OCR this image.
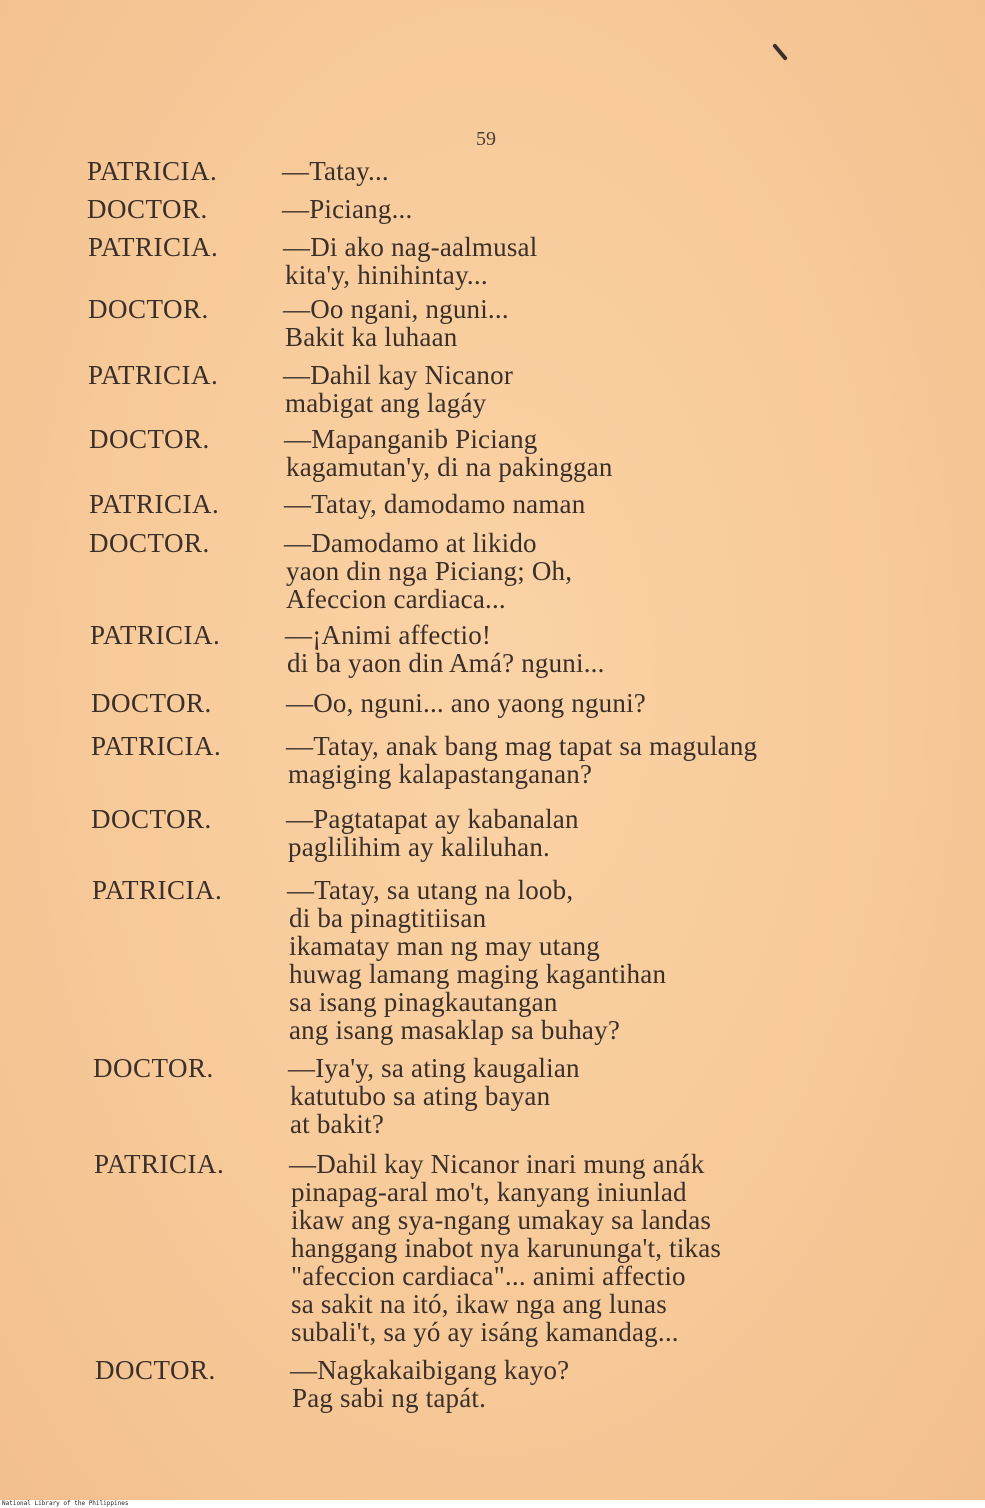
59
PATRICIA. —Tatay...
DOCTOR.	—Piciang...
PATRICIA. —Di ako nag-aalmusal
kita'y, hinihintay...
DOCTOR.	—Oo ngani, nguni...
Bakit ka luhaan
PATRICIA. —Dahil kay Nicanor
mabigat ang lagáy
DOCTOR.	—Mapanganib Piciang
kagamutan'y, di na pakinggan
PATRICIA. —Tatay, damodamo naman
DOCTOR.	—Damodamo at likido
yaon din nga Piciang; Oh,
Afeccion cardiaca...
PATRICIA. —¡Animi affectio!
di ba yaon din Amá? nguni...
DOCTOR.	—Oo, nguni... ano yaong nguni?
PATRICIA. —Tatay, anak bang mag tapat sa magulang
magiging kalapastanganan?
DOCTOR.	—Pagtatapat ay kabanalan
paglilihim ay kaliluhan.
PATRICIA. —Tatay, sa utang na loob,
di ba pinagtitiisan
ikamatay man ng may utang
huwag lamang maging kagantihan
sa isang pinagkautangan
ang isang masaklap sa buhay?
DOCTOR.	—Iya'y, sa ating kaugalian
katutubo sa ating bayan
at bakit?
PATRICIA. —Dahil kay Nicanor inari mung anák
pinapag-aral mo't, kanyang iniunlad
ikaw ang sya-ngang umakay sa landas
hanggang inabot nya karununga't, tikas
"afeccion cardiaca"... animi affectio
sa sakit na itó, ikaw nga ang lunas
subali't, sa yó ay isáng kamandag...
DOCTOR.	—Nagkakaibigang kayo?
Pag sabi ng tapát.
National Library of the Philippines
